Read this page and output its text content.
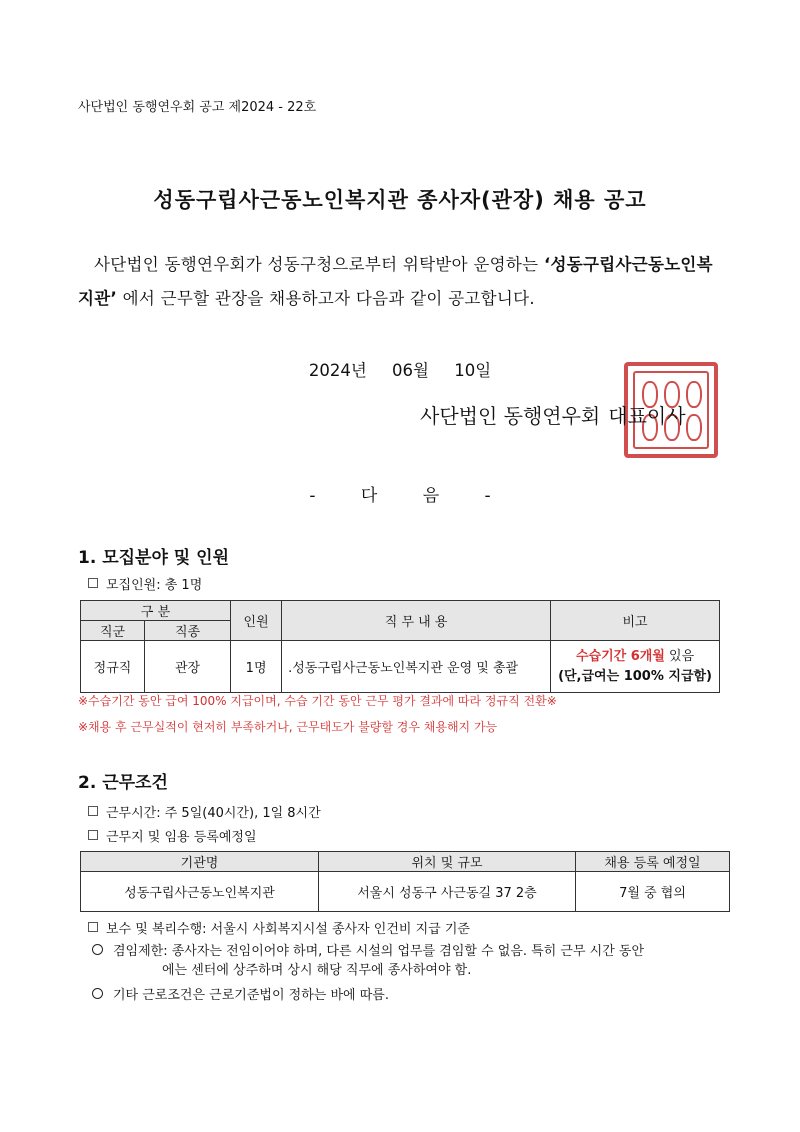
사단법인 동행연우회 공고 제2024 - 22호
성동구립사근동노인복지관 종사자(관장) 채용 공고
사단법인 동행연우회가 성동구청으로부터 위탁받아 운영하는 ‘성동구립사근동노인복지관’ 에서 근무할 관장을 채용하고자 다음과 같이 공고합니다.
2024년 06월 10일
사단법인 동행연우회 대표이사
- 다 음 -
1. 모집분야 및 인원
모집인원: 총 1명
구 분		인원	직 무 내 용	비고
직군	직종			
정규직	관장	1명	.성동구립사근동노인복지관 운영 및 총괄	수습기간 6개월 있음
(단,급여는 100% 지급함)
※수습기간 동안 급여 100% 지급이며, 수습 기간 동안 근무 평가 결과에 따라 정규직 전환※
※채용 후 근무실적이 현저히 부족하거나, 근무태도가 불량할 경우 채용해지 가능
2. 근무조건
근무시간: 주 5일(40시간), 1일 8시간
근무지 및 임용 등록예정일
기관명	위치 및 규모	채용 등록 예정일
성동구립사근동노인복지관	서울시 성동구 사근동길 37 2층	7월 중 협의
보수 및 복리수행: 서울시 사회복지시설 종사자 인건비 지급 기준
겸임제한: 종사자는 전임이어야 하며, 다른 시설의 업무를 겸임할 수 없음. 특히 근무 시간 동안
에는 센터에 상주하며 상시 해당 직무에 종사하여야 함.
기타 근로조건은 근로기준법이 정하는 바에 따름.
